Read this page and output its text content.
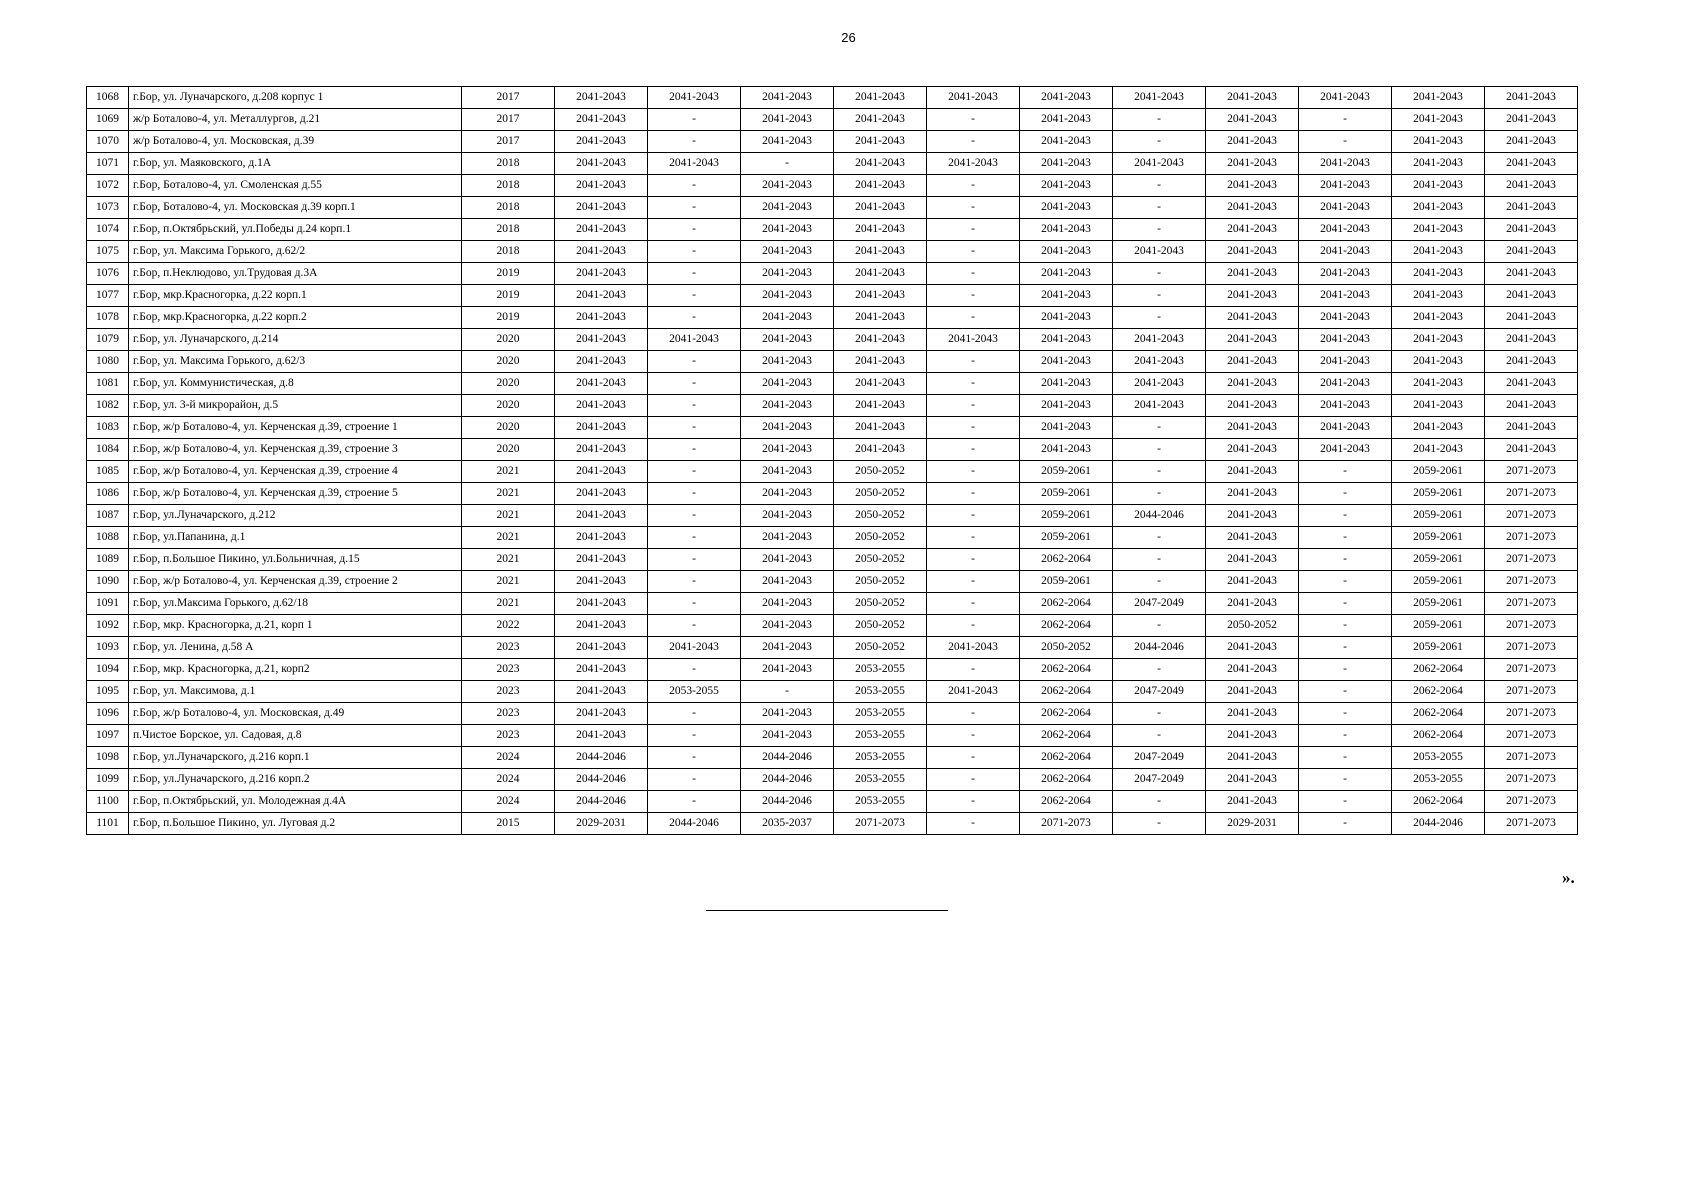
26
1068	г.Бор, ул. Луначарского, д.208 корпус 1	2017	2041-2043	2041-2043	2041-2043	2041-2043	2041-2043	2041-2043	2041-2043	2041-2043	2041-2043	2041-2043	2041-2043
1069	ж/р Боталово-4, ул. Металлургов, д.21	2017	2041-2043	-	2041-2043	2041-2043	-	2041-2043	-	2041-2043	-	2041-2043	2041-2043
1070	ж/р Боталово-4, ул. Московская, д.39	2017	2041-2043	-	2041-2043	2041-2043	-	2041-2043	-	2041-2043	-	2041-2043	2041-2043
1071	г.Бор, ул. Маяковского, д.1А	2018	2041-2043	2041-2043	-	2041-2043	2041-2043	2041-2043	2041-2043	2041-2043	2041-2043	2041-2043	2041-2043
1072	г.Бор, Боталово-4, ул. Смоленская д.55	2018	2041-2043	-	2041-2043	2041-2043	-	2041-2043	-	2041-2043	2041-2043	2041-2043	2041-2043
1073	г.Бор, Боталово-4, ул. Московская д.39 корп.1	2018	2041-2043	-	2041-2043	2041-2043	-	2041-2043	-	2041-2043	2041-2043	2041-2043	2041-2043
1074	г.Бор, п.Октябрьский, ул.Победы д.24 корп.1	2018	2041-2043	-	2041-2043	2041-2043	-	2041-2043	-	2041-2043	2041-2043	2041-2043	2041-2043
1075	г.Бор, ул. Максима Горького, д.62/2	2018	2041-2043	-	2041-2043	2041-2043	-	2041-2043	2041-2043	2041-2043	2041-2043	2041-2043	2041-2043
1076	г.Бор, п.Неклюдово, ул.Трудовая д.3А	2019	2041-2043	-	2041-2043	2041-2043	-	2041-2043	-	2041-2043	2041-2043	2041-2043	2041-2043
1077	г.Бор, мкр.Красногорка, д.22 корп.1	2019	2041-2043	-	2041-2043	2041-2043	-	2041-2043	-	2041-2043	2041-2043	2041-2043	2041-2043
1078	г.Бор, мкр.Красногорка, д.22 корп.2	2019	2041-2043	-	2041-2043	2041-2043	-	2041-2043	-	2041-2043	2041-2043	2041-2043	2041-2043
1079	г.Бор, ул. Луначарского, д.214	2020	2041-2043	2041-2043	2041-2043	2041-2043	2041-2043	2041-2043	2041-2043	2041-2043	2041-2043	2041-2043	2041-2043
1080	г.Бор, ул. Максима Горького, д.62/3	2020	2041-2043	-	2041-2043	2041-2043	-	2041-2043	2041-2043	2041-2043	2041-2043	2041-2043	2041-2043
1081	г.Бор, ул. Коммунистическая, д.8	2020	2041-2043	-	2041-2043	2041-2043	-	2041-2043	2041-2043	2041-2043	2041-2043	2041-2043	2041-2043
1082	г.Бор, ул. 3-й микрорайон, д.5	2020	2041-2043	-	2041-2043	2041-2043	-	2041-2043	2041-2043	2041-2043	2041-2043	2041-2043	2041-2043
1083	г.Бор, ж/р Боталово-4, ул. Керченская д.39, строение 1	2020	2041-2043	-	2041-2043	2041-2043	-	2041-2043	-	2041-2043	2041-2043	2041-2043	2041-2043
1084	г.Бор, ж/р Боталово-4, ул. Керченская д.39, строение 3	2020	2041-2043	-	2041-2043	2041-2043	-	2041-2043	-	2041-2043	2041-2043	2041-2043	2041-2043
1085	г.Бор, ж/р Боталово-4, ул. Керченская д.39, строение 4	2021	2041-2043	-	2041-2043	2050-2052	-	2059-2061	-	2041-2043	-	2059-2061	2071-2073
1086	г.Бор, ж/р Боталово-4, ул. Керченская д.39, строение 5	2021	2041-2043	-	2041-2043	2050-2052	-	2059-2061	-	2041-2043	-	2059-2061	2071-2073
1087	г.Бор, ул.Луначарского, д.212	2021	2041-2043	-	2041-2043	2050-2052	-	2059-2061	2044-2046	2041-2043	-	2059-2061	2071-2073
1088	г.Бор, ул.Папанина, д.1	2021	2041-2043	-	2041-2043	2050-2052	-	2059-2061	-	2041-2043	-	2059-2061	2071-2073
1089	г.Бор, п.Большое Пикино, ул.Больничная, д.15	2021	2041-2043	-	2041-2043	2050-2052	-	2062-2064	-	2041-2043	-	2059-2061	2071-2073
1090	г.Бор, ж/р Боталово-4, ул. Керченская д.39, строение 2	2021	2041-2043	-	2041-2043	2050-2052	-	2059-2061	-	2041-2043	-	2059-2061	2071-2073
1091	г.Бор, ул.Максима Горького, д.62/18	2021	2041-2043	-	2041-2043	2050-2052	-	2062-2064	2047-2049	2041-2043	-	2059-2061	2071-2073
1092	г.Бор, мкр. Красногорка, д.21, корп 1	2022	2041-2043	-	2041-2043	2050-2052	-	2062-2064	-	2050-2052	-	2059-2061	2071-2073
1093	г.Бор, ул. Ленина, д.58 А	2023	2041-2043	2041-2043	2041-2043	2050-2052	2041-2043	2050-2052	2044-2046	2041-2043	-	2059-2061	2071-2073
1094	г.Бор, мкр. Красногорка, д.21, корп2	2023	2041-2043	-	2041-2043	2053-2055	-	2062-2064	-	2041-2043	-	2062-2064	2071-2073
1095	г.Бор, ул. Максимова, д.1	2023	2041-2043	2053-2055	-	2053-2055	2041-2043	2062-2064	2047-2049	2041-2043	-	2062-2064	2071-2073
1096	г.Бор, ж/р Боталово-4, ул. Московская, д.49	2023	2041-2043	-	2041-2043	2053-2055	-	2062-2064	-	2041-2043	-	2062-2064	2071-2073
1097	п.Чистое Борское, ул. Садовая, д.8	2023	2041-2043	-	2041-2043	2053-2055	-	2062-2064	-	2041-2043	-	2062-2064	2071-2073
1098	г.Бор, ул.Луначарского, д.216 корп.1	2024	2044-2046	-	2044-2046	2053-2055	-	2062-2064	2047-2049	2041-2043	-	2053-2055	2071-2073
1099	г.Бор, ул.Луначарского, д.216 корп.2	2024	2044-2046	-	2044-2046	2053-2055	-	2062-2064	2047-2049	2041-2043	-	2053-2055	2071-2073
1100	г.Бор, п.Октябрьский, ул. Молодежная д.4А	2024	2044-2046	-	2044-2046	2053-2055	-	2062-2064	-	2041-2043	-	2062-2064	2071-2073
1101	г.Бор, п.Большое Пикино, ул. Луговая д.2	2015	2029-2031	2044-2046	2035-2037	2071-2073	-	2071-2073	-	2029-2031	-	2044-2046	2071-2073
».
